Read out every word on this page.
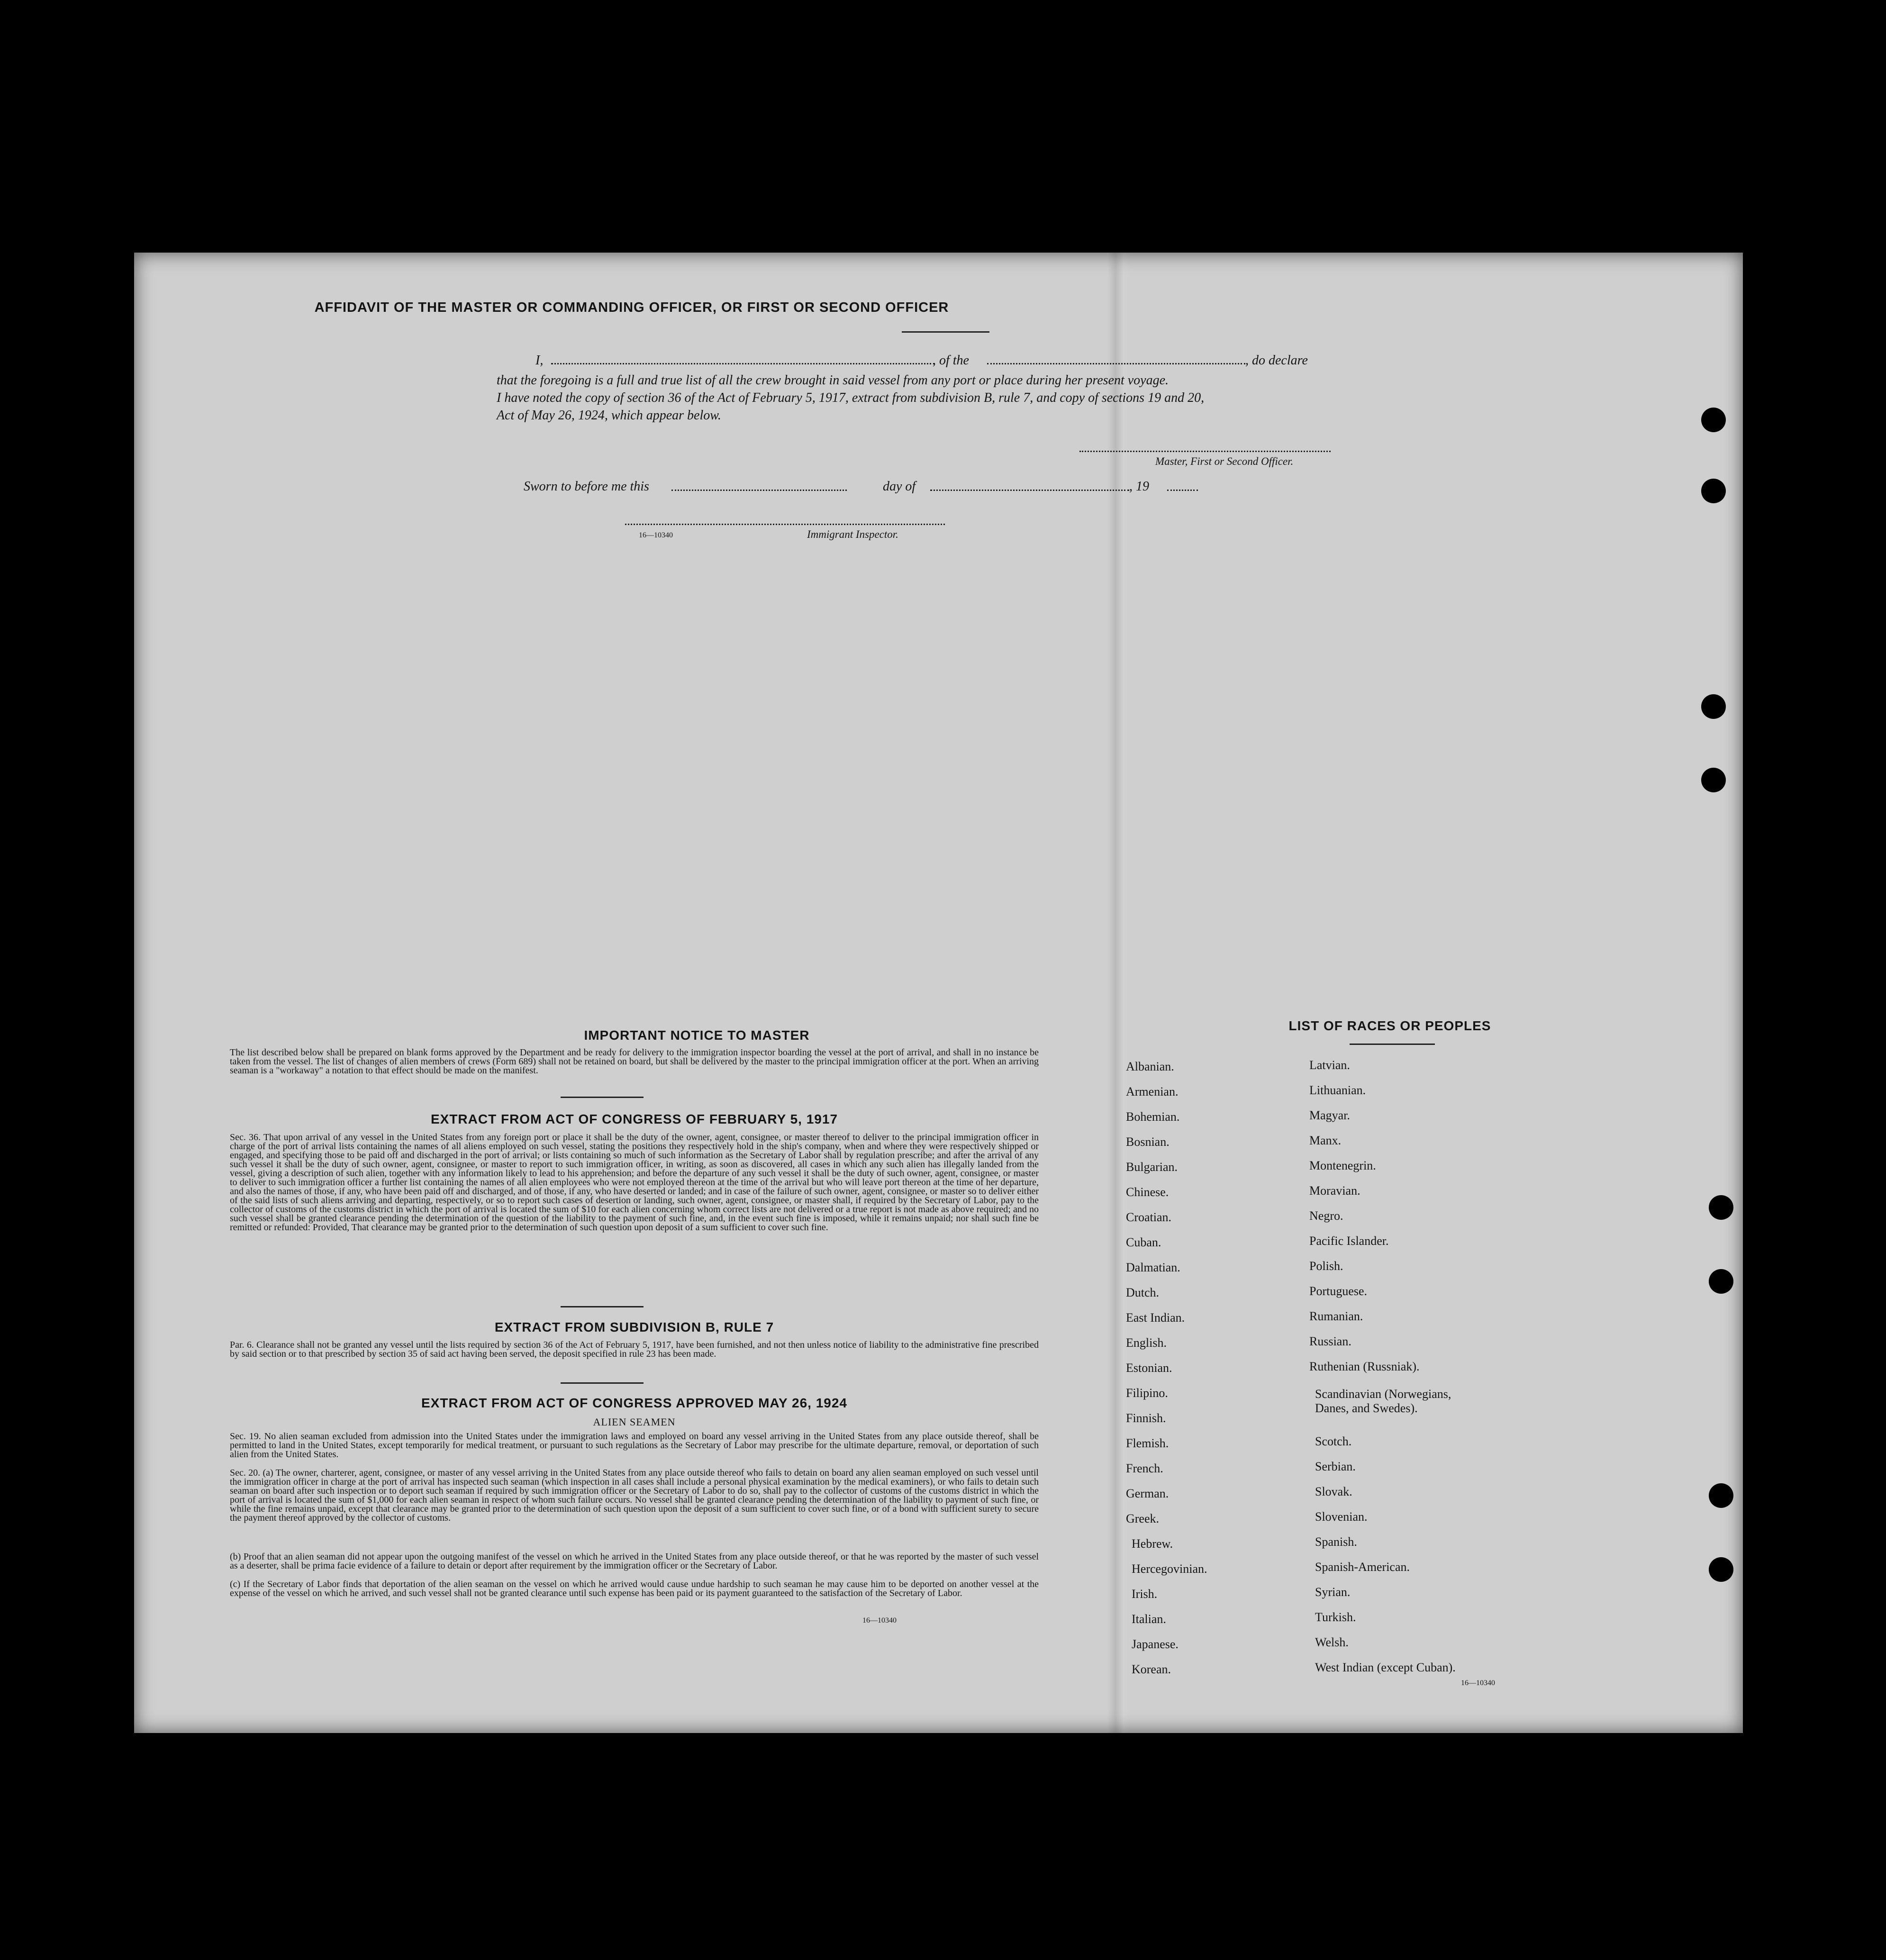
AFFIDAVIT OF THE MASTER OR COMMANDING OFFICER, OR FIRST OR SECOND OFFICER
I,	, of the	, do declare
that the foregoing is a full and true list of all the crew brought in said vessel from any port or place during her present voyage.
I have noted the copy of section 36 of the Act of February 5, 1917, extract from subdivision B, rule 7, and copy of sections 19 and 20,
Act of May 26, 1924, which appear below.
Master, First or Second Officer.
Sworn to before me this	day of	, 19
16—10340	Immigrant Inspector.
IMPORTANT NOTICE TO MASTER
The list described below shall be prepared on blank forms approved by the Department and be ready for delivery to the immigration inspector boarding the vessel at the port of arrival, and shall in no instance be taken from the vessel. The list of changes of alien members of crews (Form 689) shall not be retained on board, but shall be delivered by the master to the principal immigration officer at the port. When an arriving seaman is a "workaway" a notation to that effect should be made on the manifest.
EXTRACT FROM ACT OF CONGRESS OF FEBRUARY 5, 1917
Sec. 36. That upon arrival of any vessel in the United States from any foreign port or place it shall be the duty of the owner, agent, consignee, or master thereof to deliver to the principal immigration officer in charge of the port of arrival lists containing the names of all aliens employed on such vessel, stating the positions they respectively hold in the ship's company, when and where they were respectively shipped or engaged, and specifying those to be paid off and discharged in the port of arrival; or lists containing so much of such information as the Secretary of Labor shall by regulation prescribe; and after the arrival of any such vessel it shall be the duty of such owner, agent, consignee, or master to report to such immigration officer, in writing, as soon as discovered, all cases in which any such alien has illegally landed from the vessel, giving a description of such alien, together with any information likely to lead to his apprehension; and before the departure of any such vessel it shall be the duty of such owner, agent, consignee, or master to deliver to such immigration officer a further list containing the names of all alien employees who were not employed thereon at the time of the arrival but who will leave port thereon at the time of her departure, and also the names of those, if any, who have been paid off and discharged, and of those, if any, who have deserted or landed; and in case of the failure of such owner, agent, consignee, or master so to deliver either of the said lists of such aliens arriving and departing, respectively, or so to report such cases of desertion or landing, such owner, agent, consignee, or master shall, if required by the Secretary of Labor, pay to the collector of customs of the customs district in which the port of arrival is located the sum of $10 for each alien concerning whom correct lists are not delivered or a true report is not made as above required; and no such vessel shall be granted clearance pending the determination of the question of the liability to the payment of such fine, and, in the event such fine is imposed, while it remains unpaid; nor shall such fine be remitted or refunded: Provided, That clearance may be granted prior to the determination of such question upon deposit of a sum sufficient to cover such fine.
EXTRACT FROM SUBDIVISION B, RULE 7
Par. 6. Clearance shall not be granted any vessel until the lists required by section 36 of the Act of February 5, 1917, have been furnished, and not then unless notice of liability to the administrative fine prescribed by said section or to that prescribed by section 35 of said act having been served, the deposit specified in rule 23 has been made.
EXTRACT FROM ACT OF CONGRESS APPROVED MAY 26, 1924
ALIEN SEAMEN
Sec. 19. No alien seaman excluded from admission into the United States under the immigration laws and employed on board any vessel arriving in the United States from any place outside thereof, shall be permitted to land in the United States, except temporarily for medical treatment, or pursuant to such regulations as the Secretary of Labor may prescribe for the ultimate departure, removal, or deportation of such alien from the United States.
Sec. 20. (a) The owner, charterer, agent, consignee, or master of any vessel arriving in the United States from any place outside thereof who fails to detain on board any alien seaman employed on such vessel until the immigration officer in charge at the port of arrival has inspected such seaman (which inspection in all cases shall include a personal physical examination by the medical examiners), or who fails to detain such seaman on board after such inspection or to deport such seaman if required by such immigration officer or the Secretary of Labor to do so, shall pay to the collector of customs of the customs district in which the port of arrival is located the sum of $1,000 for each alien seaman in respect of whom such failure occurs. No vessel shall be granted clearance pending the determination of the liability to payment of such fine, or while the fine remains unpaid, except that clearance may be granted prior to the determination of such question upon the deposit of a sum sufficient to cover such fine, or of a bond with sufficient surety to secure the payment thereof approved by the collector of customs.
(b) Proof that an alien seaman did not appear upon the outgoing manifest of the vessel on which he arrived in the United States from any place outside thereof, or that he was reported by the master of such vessel as a deserter, shall be prima facie evidence of a failure to detain or deport after requirement by the immigration officer or the Secretary of Labor.
(c) If the Secretary of Labor finds that deportation of the alien seaman on the vessel on which he arrived would cause undue hardship to such seaman he may cause him to be deported on another vessel at the expense of the vessel on which he arrived, and such vessel shall not be granted clearance until such expense has been paid or its payment guaranteed to the satisfaction of the Secretary of Labor.
16—10340
LIST OF RACES OR PEOPLES
Albanian.
Armenian.
Bohemian.
Bosnian.
Bulgarian.
Chinese.
Croatian.
Cuban.
Dalmatian.
Dutch.
East Indian.
English.
Estonian.
Filipino.
Finnish.
Flemish.
French.
German.
Greek.
Hebrew.
Hercegovinian.
Irish.
Italian.
Japanese.
Korean.
Latvian.
Lithuanian.
Magyar.
Manx.
Montenegrin.
Moravian.
Negro.
Pacific Islander.
Polish.
Portuguese.
Rumanian.
Russian.
Ruthenian (Russniak).
Scandinavian (Norwegians, Danes, and Swedes).
Scotch.
Serbian.
Slovak.
Slovenian.
Spanish.
Spanish-American.
Syrian.
Turkish.
Welsh.
West Indian (except Cuban).
16—10340
